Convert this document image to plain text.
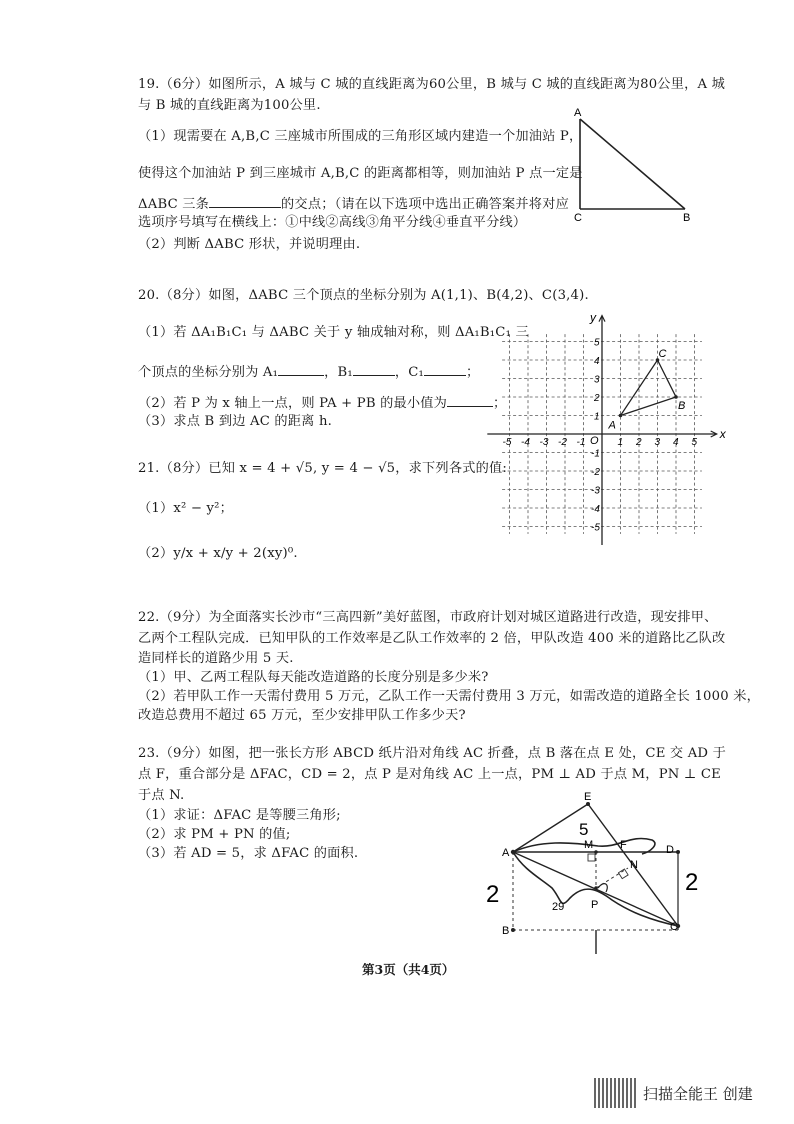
19.（6分）如图所示，A 城与 C 城的直线距离为60公里，B 城与 C 城的直线距离为80公里，A 城
与 B 城的直线距离为100公里.
（1）现需要在 A,B,C 三座城市所围成的三角形区域内建造一个加油站 P，
使得这个加油站 P 到三座城市 A,B,C 的距离都相等，则加油站 P 点一定是
ΔABC 三条	的交点；（请在以下选项中选出正确答案并将对应
选项序号填写在横线上：①中线②高线③角平分线④垂直平分线）
（2）判断 ΔABC 形状，并说明理由.
A
C	B
20.（8分）如图，ΔABC 三个顶点的坐标分别为 A(1,1)、B(4,2)、C(3,4).
（1）若 ΔA₁B₁C₁ 与 ΔABC 关于 y 轴成轴对称，则 ΔA₁B₁C₁ 三
个顶点的坐标分别为 A₁	，B₁	，C₁	；
（2）若 P 为 x 轴上一点，则 PA + PB 的最小值为	；
（3）求点 B 到边 AC 的距离 h.
-5 -4 -3 -2 -1	1 2 3 4 5
5
4
3
2
1
-1
-2
-3
-4
-5
O	x
y
A
B
C
21.（8分）已知 x = 4 + √5, y = 4 − √5，求下列各式的值:
（1）x² − y²；
（2）y/x + x/y + 2(xy)⁰.
22.（9分）为全面落实长沙市“三高四新”美好蓝图，市政府计划对城区道路进行改造，现安排甲、
乙两个工程队完成．已知甲队的工作效率是乙队工作效率的 2 倍，甲队改造 400 米的道路比乙队改
造同样长的道路少用 5 天.
（1）甲、乙两工程队每天能改造道路的长度分别是多少米?
（2）若甲队工作一天需付费用 5 万元，乙队工作一天需付费用 3 万元，如需改造的道路全长 1000 米，
改造总费用不超过 65 万元，至少安排甲队工作多少天?
23.（9分）如图，把一张长方形 ABCD 纸片沿对角线 AC 折叠，点 B 落在点 E 处，CE 交 AD 于
点 F，重合部分是 ΔFAC，CD = 2，点 P 是对角线 AC 上一点，PM ⊥ AD 于点 M，PN ⊥ CE
于点 N.
（1）求证：ΔFAC 是等腰三角形;
（2）求 PM + PN 的值;
（3）若 AD = 5，求 ΔFAC 的面积.
E
A
M F	D
N
P
B	C
5
2	2
29
第3页（共4页）
扫描全能王 创建
